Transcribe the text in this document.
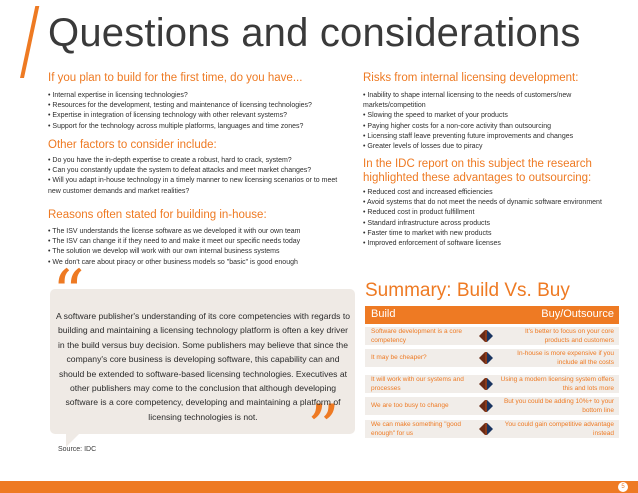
Questions and considerations
If you plan to build for the first time, do you have...
• Internal expertise in licensing technologies?
• Resources for the development, testing and maintenance of licensing technologies?
• Expertise in integration of licensing technology with other relevant systems?
• Support for the technology across multiple platforms, languages and time zones?
Other factors to consider include:
• Do you have the in-depth expertise to create a robust, hard to crack, system?
• Can you constantly update the system to defeat attacks and meet market changes?
• Will you adapt in-house technology in a timely manner to new licensing scenarios or to meet new customer demands and market realities?
Reasons often stated for building in-house:
• The ISV understands the license software as we developed it with our own team
• The ISV can change it if they need to and make it meet our specific needs today
• The solution we develop will work with our own internal business systems
• We don't care about piracy or other business models so "basic" is good enough
Risks from internal licensing development:
• Inability to shape internal licensing to the needs of customers/new markets/competition
• Slowing the speed to market of your products
• Paying higher costs for a non-core activity than outsourcing
• Licensing staff leave preventing future improvements and changes
• Greater levels of losses due to piracy
In the IDC report on this subject the research highlighted these advantages to outsourcing:
• Reduced cost and increased efficiencies
• Avoid systems that do not meet the needs of dynamic software environment
• Reduced cost in product fulfillment
• Standard infrastructure across products
• Faster time to market with new products
• Improved enforcement of software licenses
“
”
A software publisher's understanding of its core competencies with regards to building and maintaining a licensing technology platform is often a key driver in the build versus buy decision. Some publishers may believe that since the company's core business is developing software, this capability can and should be extended to software-based licensing technologies. Executives at other publishers may come to the conclusion that although developing software is a core competency, developing and maintaining a platform of licensing technologies is not.
Source: IDC
Summary: Build Vs. Buy
Build	Buy/Outsource
Software development is a core competency
It's better to focus on your core products and customers
It may be cheaper?
In-house is more expensive if you include all the costs
It will work with our systems and processes
Using a modern licensing system offers this and lots more
We are too busy to change
But you could be adding 10%+ to your bottom line
We can make something "good enough" for us
You could gain competitive advantage instead
5
